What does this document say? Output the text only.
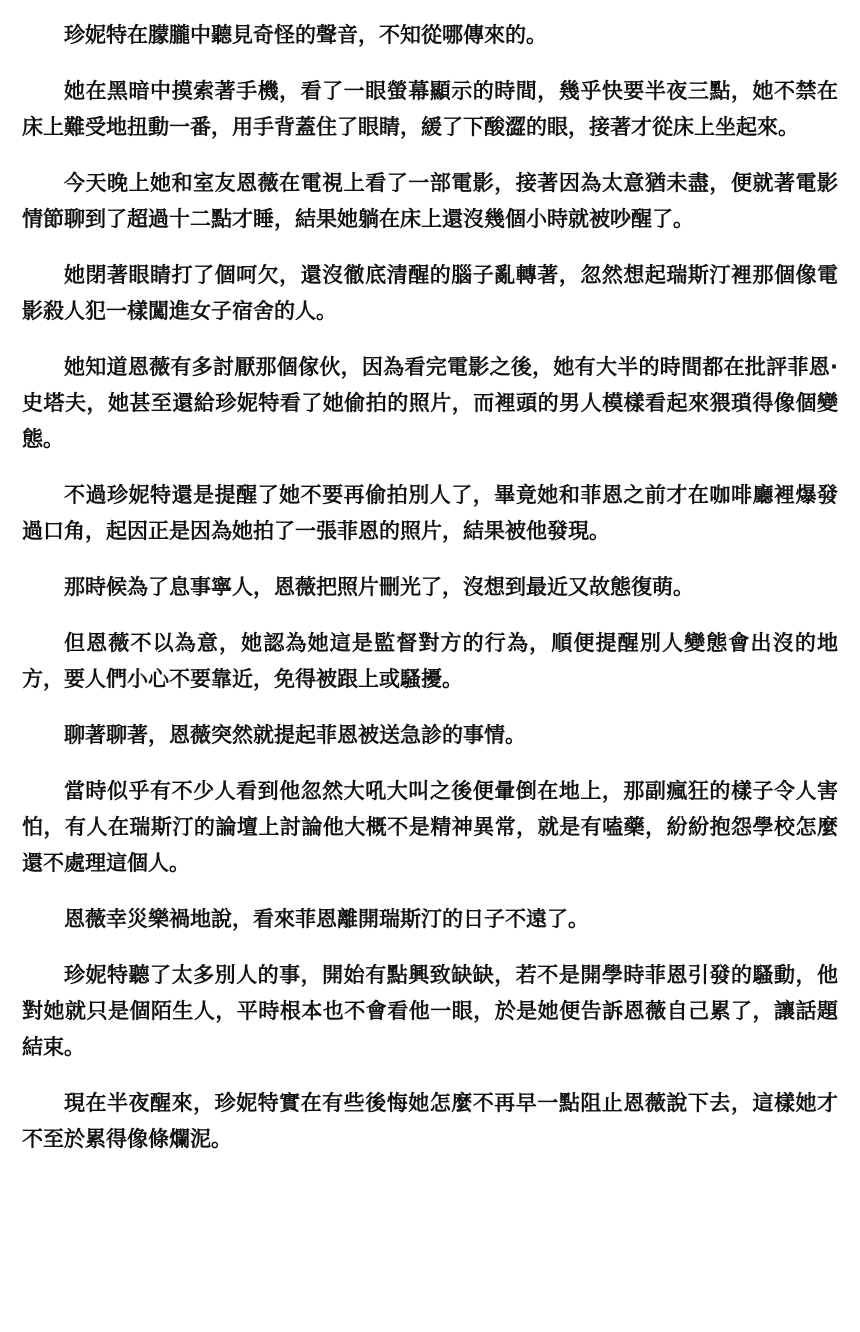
珍妮特在朦朧中聽見奇怪的聲音，不知從哪傳來的。

她在黑暗中摸索著手機，看了一眼螢幕顯示的時間，幾乎快要半夜三點，她不禁在床上難受地扭動一番，用手背蓋住了眼睛，緩了下酸澀的眼，接著才從床上坐起來。

今天晚上她和室友恩薇在電視上看了一部電影，接著因為太意猶未盡，便就著電影情節聊到了超過十二點才睡，結果她躺在床上還沒幾個小時就被吵醒了。

她閉著眼睛打了個呵欠，還沒徹底清醒的腦子亂轉著，忽然想起瑞斯汀裡那個像電影殺人犯一樣闖進女子宿舍的人。

她知道恩薇有多討厭那個傢伙，因為看完電影之後，她有大半的時間都在批評菲恩·史塔夫，她甚至還給珍妮特看了她偷拍的照片，而裡頭的男人模樣看起來猥瑣得像個變態。

不過珍妮特還是提醒了她不要再偷拍別人了，畢竟她和菲恩之前才在咖啡廳裡爆發過口角，起因正是因為她拍了一張菲恩的照片，結果被他發現。

那時候為了息事寧人，恩薇把照片刪光了，沒想到最近又故態復萌。

但恩薇不以為意，她認為她這是監督對方的行為，順便提醒別人變態會出沒的地方，要人們小心不要靠近，免得被跟上或騷擾。

聊著聊著，恩薇突然就提起菲恩被送急診的事情。

當時似乎有不少人看到他忽然大吼大叫之後便暈倒在地上，那副瘋狂的樣子令人害怕，有人在瑞斯汀的論壇上討論他大概不是精神異常，就是有嗑藥，紛紛抱怨學校怎麼還不處理這個人。

恩薇幸災樂禍地說，看來菲恩離開瑞斯汀的日子不遠了。

珍妮特聽了太多別人的事，開始有點興致缺缺，若不是開學時菲恩引發的騷動，他對她就只是個陌生人，平時根本也不會看他一眼，於是她便告訴恩薇自己累了，讓話題結束。

現在半夜醒來，珍妮特實在有些後悔她怎麼不再早一點阻止恩薇說下去，這樣她才不至於累得像條爛泥。
